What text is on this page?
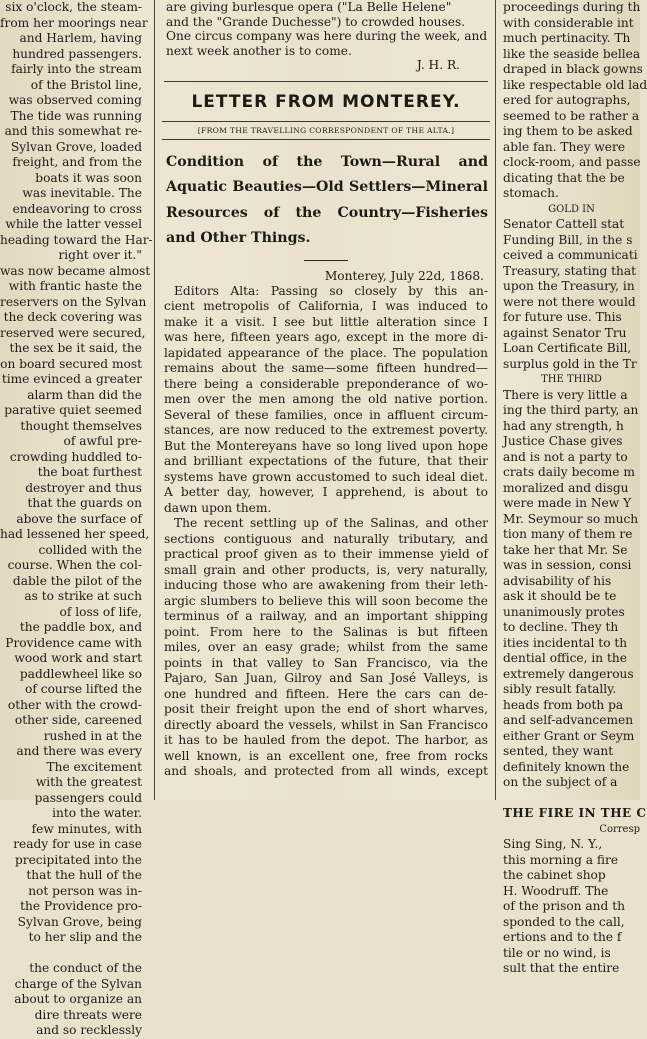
six o'clock, the steam-
from her moorings near
and Harlem, having
hundred passengers.
fairly into the stream
of the Bristol line,
was observed coming
The tide was running
and this somewhat re-
Sylvan Grove, loaded
freight, and from the
boats it was soon
was inevitable. The
endeavoring to cross
while the latter vessel
heading toward the Har-
right over it."
was now became almost
with frantic haste the
reservers on the Sylvan
the deck covering was
reserved were secured,
the sex be it said, the
on board secured most
time evinced a greater
alarm than did the
parative quiet seemed
thought themselves
of awful pre-
crowding huddled to-
the boat furthest
destroyer and thus
that the guards on
above the surface of
had lessened her speed,
collided with the
course. When the col-
dable the pilot of the
as to strike at such
of loss of life,
the paddle box, and
Providence came with
wood work and start
paddlewheel like so
of course lifted the
other with the crowd-
other side, careened
rushed in at the
and there was every
The excitement
with the greatest
passengers could
into the water.
few minutes, with
ready for use in case
precipitated into the
that the hull of the
not person was in-
the Providence pro-
Sylvan Grove, being
to her slip and the

the conduct of the
charge of the Sylvan
about to organize an
dire threats were
and so recklessly
are giving burlesque opera ("La Belle Helene"
and the "Grande Duchesse") to crowded houses.
One circus company was here during the week, and
next week another is to come.
J. H. R.
LETTER FROM MONTEREY.
[FROM THE TRAVELLING CORRESPONDENT OF THE ALTA.]
Condition of the Town—Rural and Aquatic Beauties—Old Settlers—Mineral Resources of the Country—Fisheries and Other Things.
Monterey, July 22d, 1868.
Editors Alta: Passing so closely by this an-
cient metropolis of California, I was induced to
make it a visit. I see but little alteration since I
was here, fifteen years ago, except in the more di-
lapidated appearance of the place. The population
remains about the same—some fifteen hundred—
there being a considerable preponderance of wo-
men over the men among the old native portion.
Several of these families, once in affluent circum-
stances, are now reduced to the extremest poverty.
But the Montereyans have so long lived upon hope
and brilliant expectations of the future, that their
systems have grown accustomed to such ideal diet.
A better day, however, I apprehend, is about to
dawn upon them.
The recent settling up of the Salinas, and other
sections contiguous and naturally tributary, and
practical proof given as to their immense yield of
small grain and other products, is, very naturally,
inducing those who are awakening from their leth-
argic slumbers to believe this will soon become the
terminus of a railway, and an important shipping
point. From here to the Salinas is but fifteen
miles, over an easy grade; whilst from the same
points in that valley to San Francisco, via the
Pajaro, San Juan, Gilroy and San José Valleys, is
one hundred and fifteen. Here the cars can de-
posit their freight upon the end of short wharves,
directly aboard the vessels, whilst in San Francisco
it has to be hauled from the depot. The harbor, as
well known, is an excellent one, free from rocks
and shoals, and protected from all winds, except
proceedings during th
with considerable int
much pertinacity. Th
like the seaside bellea
draped in black gowns
like respectable old lad
ered for autographs,
seemed to be rather a
ing them to be asked
able fan. They were
clock-room, and passe
dicating that the be
stomach.
GOLD IN
Senator Cattell stat
Funding Bill, in the s
ceived a communicati
Treasury, stating that
upon the Treasury, in
were not there would
for future use. This
against Senator Tru
Loan Certificate Bill,
surplus gold in the Tr
THE THIRD
There is very little a
ing the third party, an
had any strength, h
Justice Chase gives
and is not a party to
crats daily become m
moralized and disgu
were made in New Y
Mr. Seymour so much
tion many of them re
take her that Mr. Se
was in session, consi
advisability of his
ask it should be te
unanimously protes
to decline. They th
ities incidental to th
dential office, in the
extremely dangerous
sibly result fatally.
heads from both pa
and self-advancemen
either Grant or Seym
sented, they want
definitely known the
on the subject of a

THE FIRE IN THE C
Corresp
Sing Sing, N. Y.,
this morning a fire
the cabinet shop
H. Woodruff. The
of the prison and th
sponded to the call,
ertions and to the f
tile or no wind, is
sult that the entire
